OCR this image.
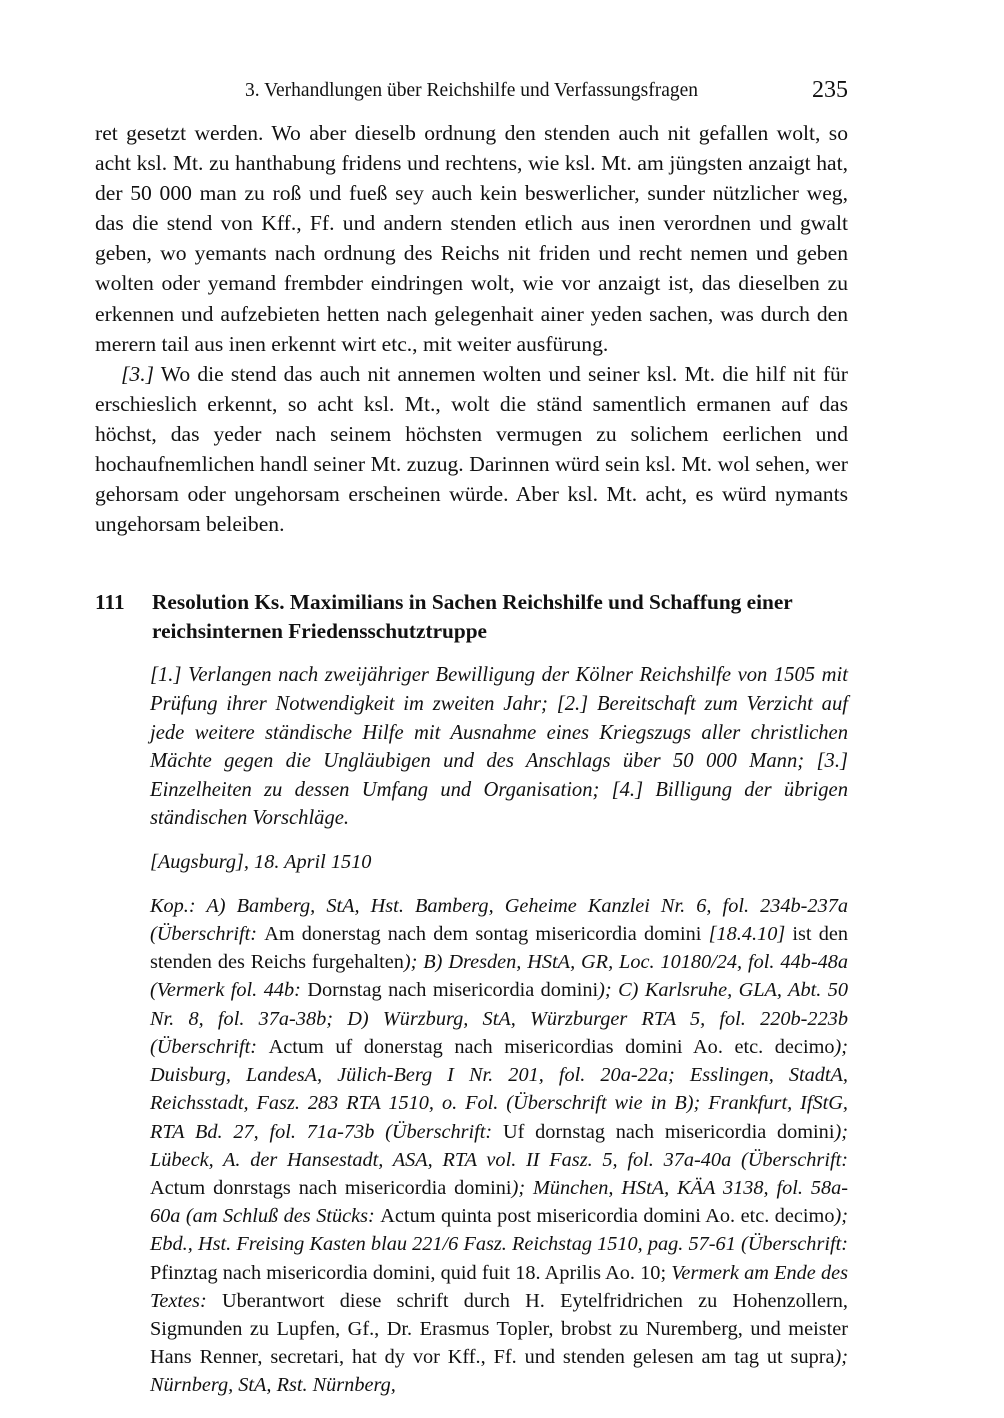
3. Verhandlungen über Reichshilfe und Verfassungsfragen	235

ret gesetzt werden. Wo aber dieselb ordnung den stenden auch nit gefallen wolt, so acht ksl. Mt. zu hanthabung fridens und rechtens, wie ksl. Mt. am jüngsten anzaigt hat, der 50 000 man zu roß und fueß sey auch kein beswerlicher, sunder nützlicher weg, das die stend von Kff., Ff. und andern stenden etlich aus inen verordnen und gwalt geben, wo yemants nach ordnung des Reichs nit friden und recht nemen und geben wolten oder yemand frembder eindringen wolt, wie vor anzaigt ist, das dieselben zu erkennen und aufzebieten hetten nach gelegenhait ainer yeden sachen, was durch den merern tail aus inen erkennt wirt etc., mit weiter ausfürung.

[3.] Wo die stend das auch nit annemen wolten und seiner ksl. Mt. die hilf nit für erschieslich erkennt, so acht ksl. Mt., wolt die ständ samentlich ermanen auf das höchst, das yeder nach seinem höchsten vermugen zu solichem eerlichen und hochaufnemlichen handl seiner Mt. zuzug. Darinnen würd sein ksl. Mt. wol sehen, wer gehorsam oder ungehorsam erscheinen würde. Aber ksl. Mt. acht, es würd nymants ungehorsam beleiben.

111 Resolution Ks. Maximilians in Sachen Reichshilfe und Schaffung einer reichsinternen Friedensschutztruppe

[1.] Verlangen nach zweijähriger Bewilligung der Kölner Reichshilfe von 1505 mit Prüfung ihrer Notwendigkeit im zweiten Jahr; [2.] Bereitschaft zum Verzicht auf jede weitere ständische Hilfe mit Ausnahme eines Kriegszugs aller christlichen Mächte gegen die Ungläubigen und des Anschlags über 50 000 Mann; [3.] Einzelheiten zu dessen Umfang und Organisation; [4.] Billigung der übrigen ständischen Vorschläge.

[Augsburg], 18. April 1510

Kop.: A) Bamberg, StA, Hst. Bamberg, Geheime Kanzlei Nr. 6, fol. 234b-237a (Überschrift: Am donerstag nach dem sontag misericordia domini [18.4.10] ist den stenden des Reichs furgehalten); B) Dresden, HStA, GR, Loc. 10180/24, fol. 44b-48a (Vermerk fol. 44b: Dornstag nach misericordia domini); C) Karlsruhe, GLA, Abt. 50 Nr. 8, fol. 37a-38b; D) Würzburg, StA, Würzburger RTA 5, fol. 220b-223b (Überschrift: Actum uf donerstag nach misericordias domini Ao. etc. decimo); Duisburg, LandesA, Jülich-Berg I Nr. 201, fol. 20a-22a; Esslingen, StadtA, Reichsstadt, Fasz. 283 RTA 1510, o. Fol. (Überschrift wie in B); Frankfurt, IfStG, RTA Bd. 27, fol. 71a-73b (Überschrift: Uf dornstag nach misericordia domini); Lübeck, A. der Hansestadt, ASA, RTA vol. II Fasz. 5, fol. 37a-40a (Überschrift: Actum donrstags nach misericordia domini); München, HStA, KÄA 3138, fol. 58a-60a (am Schluß des Stücks: Actum quinta post misericordia domini Ao. etc. decimo); Ebd., Hst. Freising Kasten blau 221/6 Fasz. Reichstag 1510, pag. 57-61 (Überschrift: Pfinztag nach misericordia domini, quid fuit 18. Aprilis Ao. 10; Vermerk am Ende des Textes: Uberantwort diese schrift durch H. Eytelfridrichen zu Hohenzollern, Sigmunden zu Lupfen, Gf., Dr. Erasmus Topler, brobst zu Nuremberg, und meister Hans Renner, secretari, hat dy vor Kff., Ff. und stenden gelesen am tag ut supra); Nürnberg, StA, Rst. Nürnberg,
